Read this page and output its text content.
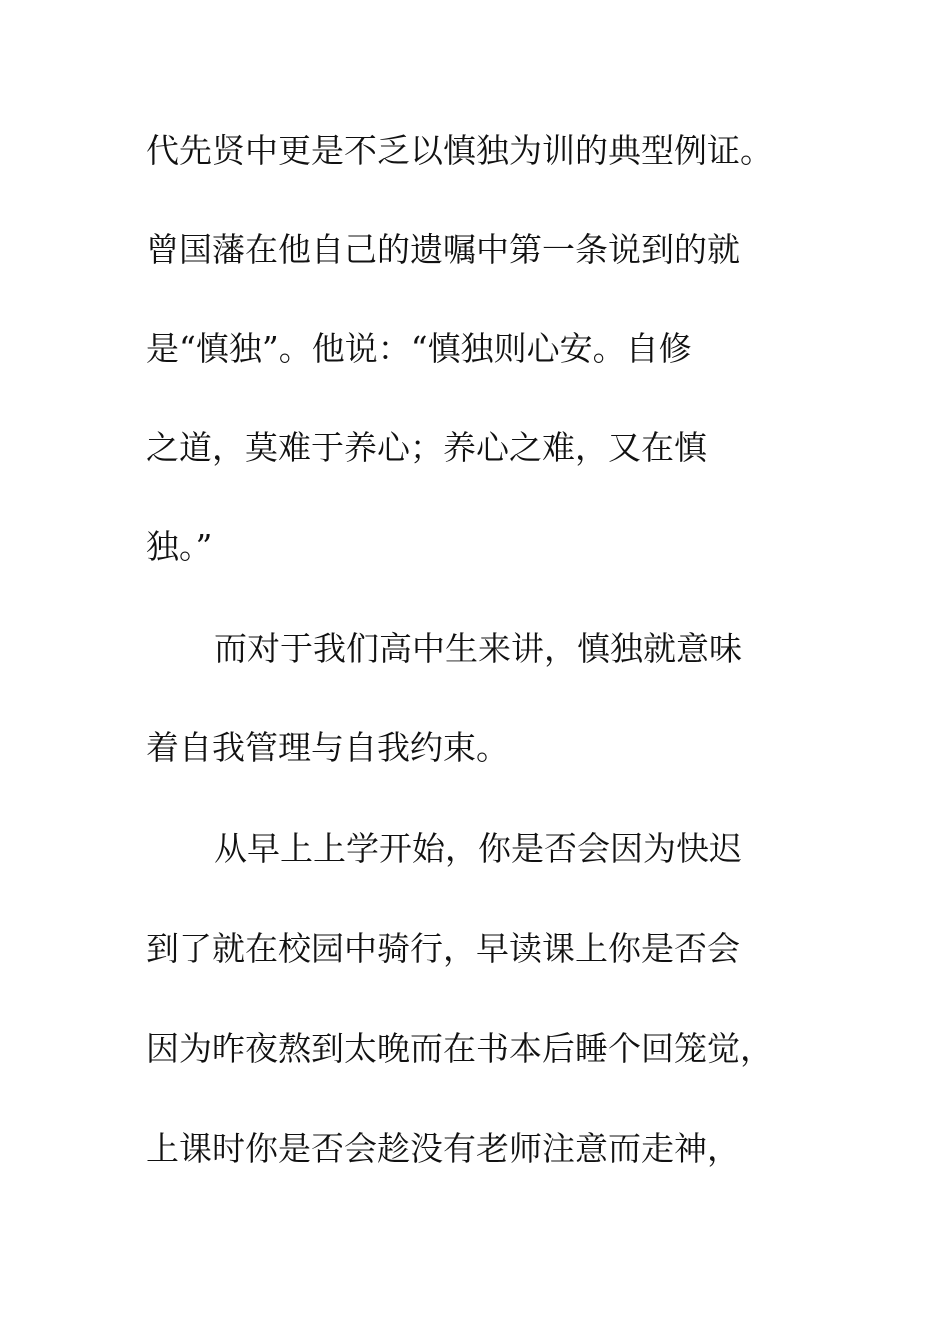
代先贤中更是不乏以慎独为训的典型例证。
曾国藩在他自己的遗嘱中第一条说到的就
是“慎独”。他说：“慎独则心安。自修
之道，莫难于养心；养心之难，又在慎
独。”
而对于我们高中生来讲，慎独就意味
着自我管理与自我约束。
从早上上学开始，你是否会因为快迟
到了就在校园中骑行，早读课上你是否会
因为昨夜熬到太晚而在书本后睡个回笼觉，
上课时你是否会趁没有老师注意而走神，
